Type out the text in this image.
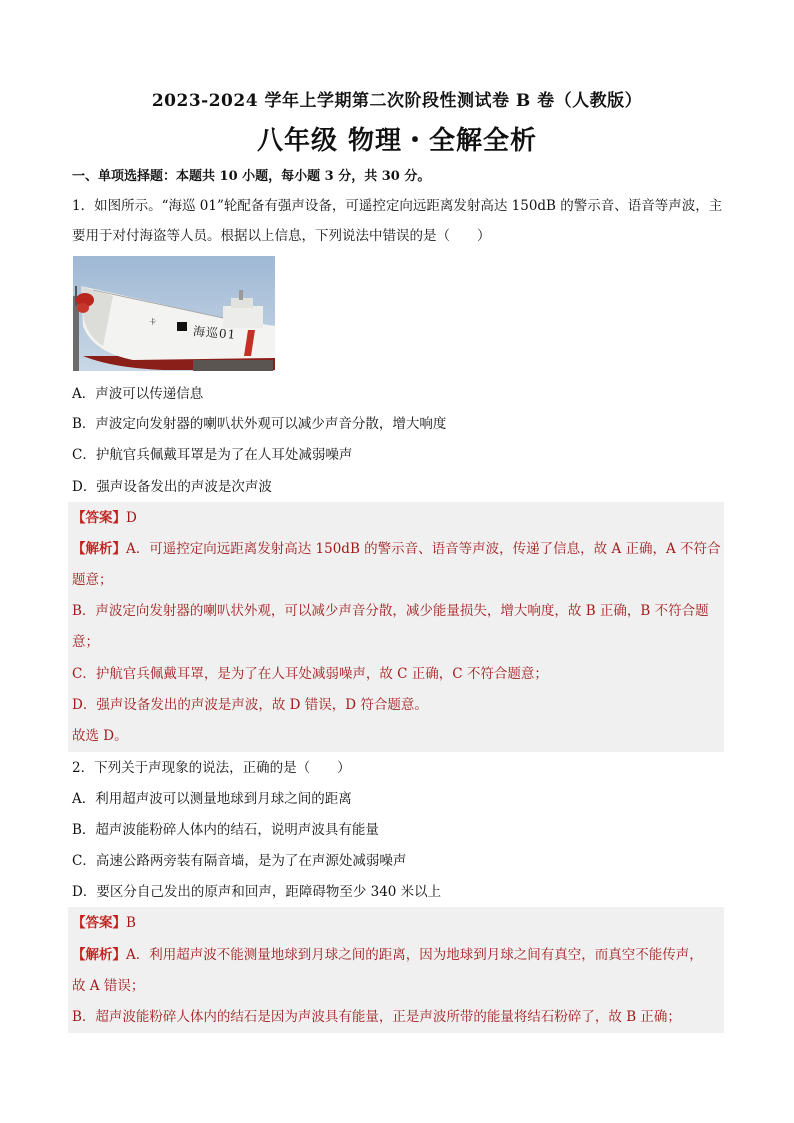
2023-2024 学年上学期第二次阶段性测试卷 B 卷（人教版）
八年级 物理・全解全析
一、单项选择题：本题共 10 小题，每小题 3 分，共 30 分。
1．如图所示。“海巡 01”轮配备有强声设备，可遥控定向远距离发射高达 150dB 的警示音、语音等声波，主
要用于对付海盗等人员。根据以上信息，下列说法中错误的是（　　）
卡
海巡01
A．声波可以传递信息
B．声波定向发射器的喇叭状外观可以减少声音分散，增大响度
C．护航官兵佩戴耳罩是为了在人耳处减弱噪声
D．强声设备发出的声波是次声波
【答案】D
【解析】A．可遥控定向远距离发射高达 150dB 的警示音、语音等声波，传递了信息，故 A 正确，A 不符合
题意；
B．声波定向发射器的喇叭状外观，可以减少声音分散，减少能量损失，增大响度，故 B 正确，B 不符合题
意；
C．护航官兵佩戴耳罩，是为了在人耳处减弱噪声，故 C 正确，C 不符合题意；
D．强声设备发出的声波是声波，故 D 错误，D 符合题意。
故选 D。
2．下列关于声现象的说法，正确的是（　　）
A．利用超声波可以测量地球到月球之间的距离
B．超声波能粉碎人体内的结石，说明声波具有能量
C．高速公路两旁装有隔音墙，是为了在声源处减弱噪声
D．要区分自己发出的原声和回声，距障碍物至少 340 米以上
【答案】B
【解析】A．利用超声波不能测量地球到月球之间的距离，因为地球到月球之间有真空，而真空不能传声，
故 A 错误；
B．超声波能粉碎人体内的结石是因为声波具有能量，正是声波所带的能量将结石粉碎了，故 B 正确；
